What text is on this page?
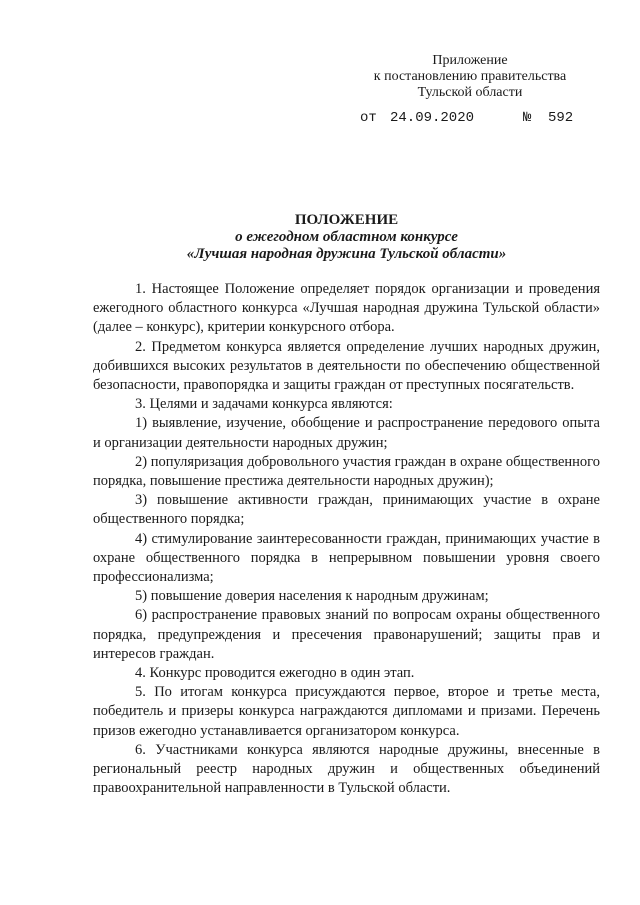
Приложение
к постановлению правительства
Тульской области
от 24.09.2020	№ 592
ПОЛОЖЕНИЕ
о ежегодном областном конкурсе
«Лучшая народная дружина Тульской области»

1. Настоящее Положение определяет порядок организации и проведения ежегодного областного конкурса «Лучшая народная дружина Тульской области» (далее – конкурс), критерии конкурсного отбора.

2. Предметом конкурса является определение лучших народных дружин, добившихся высоких результатов в деятельности по обеспечению общественной безопасности, правопорядка и защиты граждан от преступных посягательств.

3. Целями и задачами конкурса являются:

1) выявление, изучение, обобщение и распространение передового опыта и организации деятельности народных дружин;

2) популяризация добровольного участия граждан в охране общественного порядка, повышение престижа деятельности народных дружин);

3) повышение активности граждан, принимающих участие в охране общественного порядка;

4) стимулирование заинтересованности граждан, принимающих участие в охране общественного порядка в непрерывном повышении уровня своего профессионализма;

5) повышение доверия населения к народным дружинам;

6) распространение правовых знаний по вопросам охраны общественного порядка, предупреждения и пресечения правонарушений; защиты прав и интересов граждан.

4. Конкурс проводится ежегодно в один этап.

5. По итогам конкурса присуждаются первое, второе и третье места, победитель и призеры конкурса награждаются дипломами и призами. Перечень призов ежегодно устанавливается организатором конкурса.

6. Участниками конкурса являются народные дружины, внесенные в региональный реестр народных дружин и общественных объединений правоохранительной направленности в Тульской области.
